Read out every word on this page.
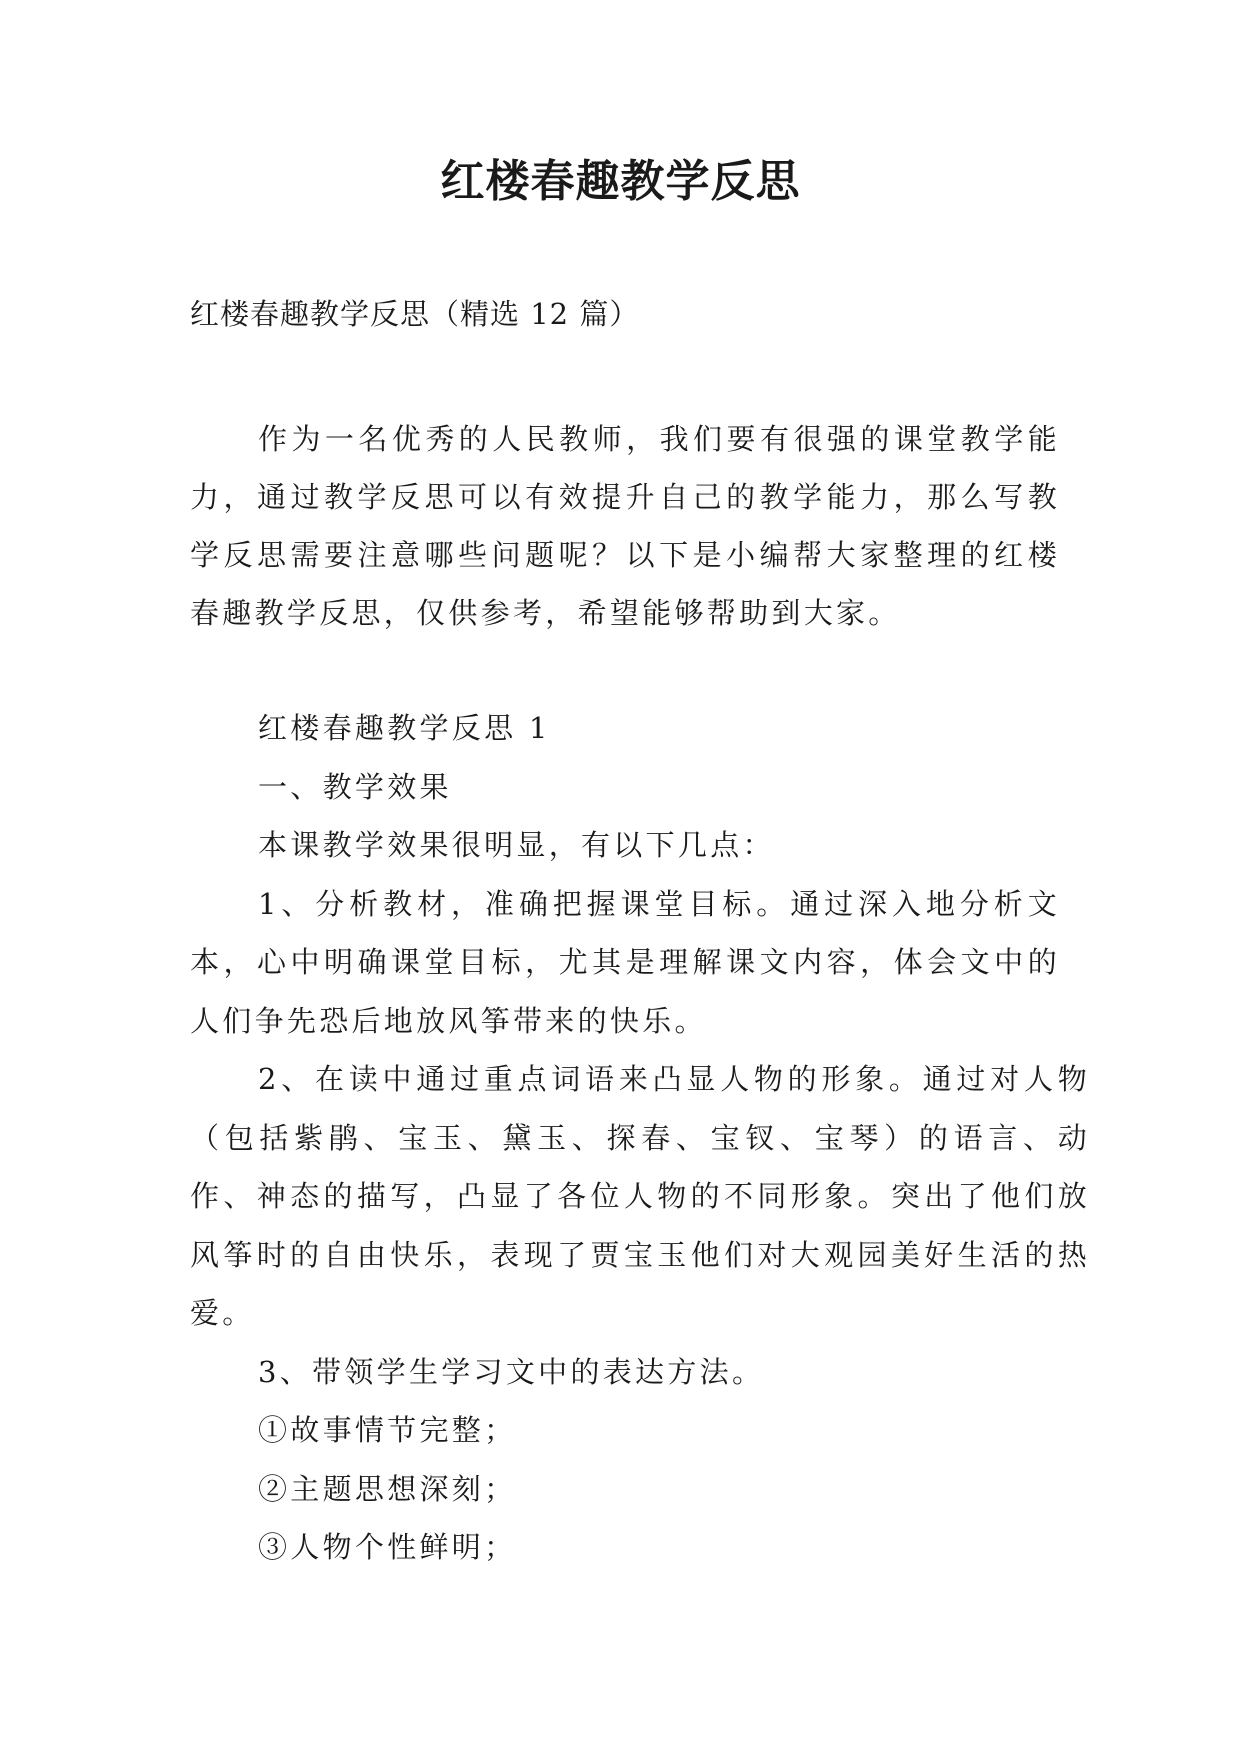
红楼春趣教学反思
红楼春趣教学反思（精选 12 篇）

作为一名优秀的人民教师，我们要有很强的课堂教学能力，通过教学反思可以有效提升自己的教学能力，那么写教学反思需要注意哪些问题呢？以下是小编帮大家整理的红楼春趣教学反思，仅供参考，希望能够帮助到大家。

红楼春趣教学反思 1

一、教学效果

本课教学效果很明显，有以下几点：

1、分析教材，准确把握课堂目标。通过深入地分析文本，心中明确课堂目标，尤其是理解课文内容，体会文中的人们争先恐后地放风筝带来的快乐。

2、在读中通过重点词语来凸显人物的形象。通过对人物（包括紫鹃、宝玉、黛玉、探春、宝钗、宝琴）的语言、动作、神态的描写，凸显了各位人物的不同形象。突出了他们放风筝时的自由快乐，表现了贾宝玉他们对大观园美好生活的热爱。

3、带领学生学习文中的表达方法。

①故事情节完整；

②主题思想深刻；

③人物个性鲜明；
